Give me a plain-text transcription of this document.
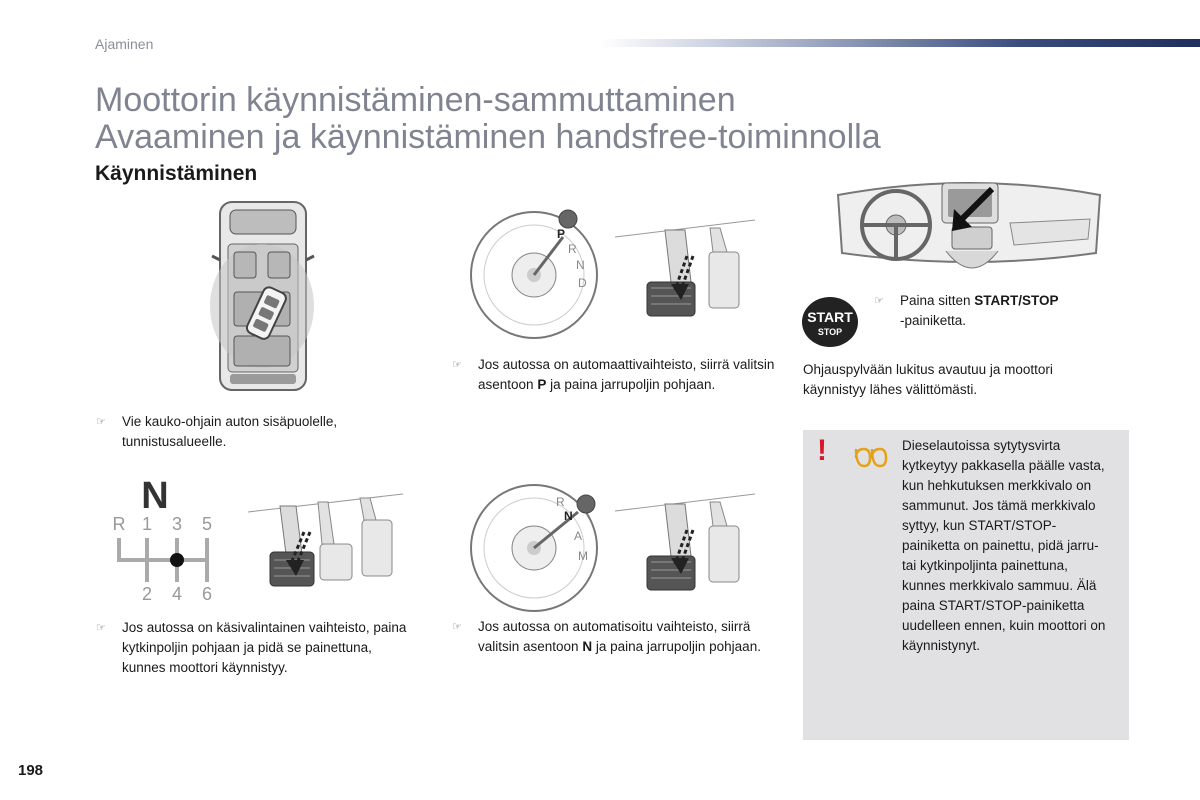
Ajaminen
Moottorin käynnistäminen-sammuttaminen
Avaaminen ja käynnistäminen handsfree-toiminnolla
Käynnistäminen
☞ Vie kauko-ohjain auton sisäpuolelle, tunnistusalueelle.
P
R
N
D
☞ Jos autossa on automaattivaihteisto, siirrä valitsin asentoon P ja paina jarrupoljin pohjaan.
START
STOP
☞ Paina sitten START/STOP
-painiketta.
Ohjauspylvään lukitus avautuu ja moottori käynnistyy lähes välittömästi.
!	Dieselautoissa sytytysvirta kytkeytyy pakkasella päälle vasta, kun hehkutuksen merkkivalo on sammunut. Jos tämä merkkivalo syttyy, kun START/STOP-painiketta on painettu, pidä jarru- tai kytkinpoljinta painettuna, kunnes merkkivalo sammuu. Älä paina START/STOP-painiketta uudelleen ennen, kuin moottori on käynnistynyt.
N
R 1 3 5
2 4 6
☞ Jos autossa on käsivalintainen vaihteisto, paina kytkinpoljin pohjaan ja pidä se painettuna, kunnes moottori käynnistyy.
R
N
A
M
☞ Jos autossa on automatisoitu vaihteisto, siirrä valitsin asentoon N ja paina jarrupoljin pohjaan.
198
